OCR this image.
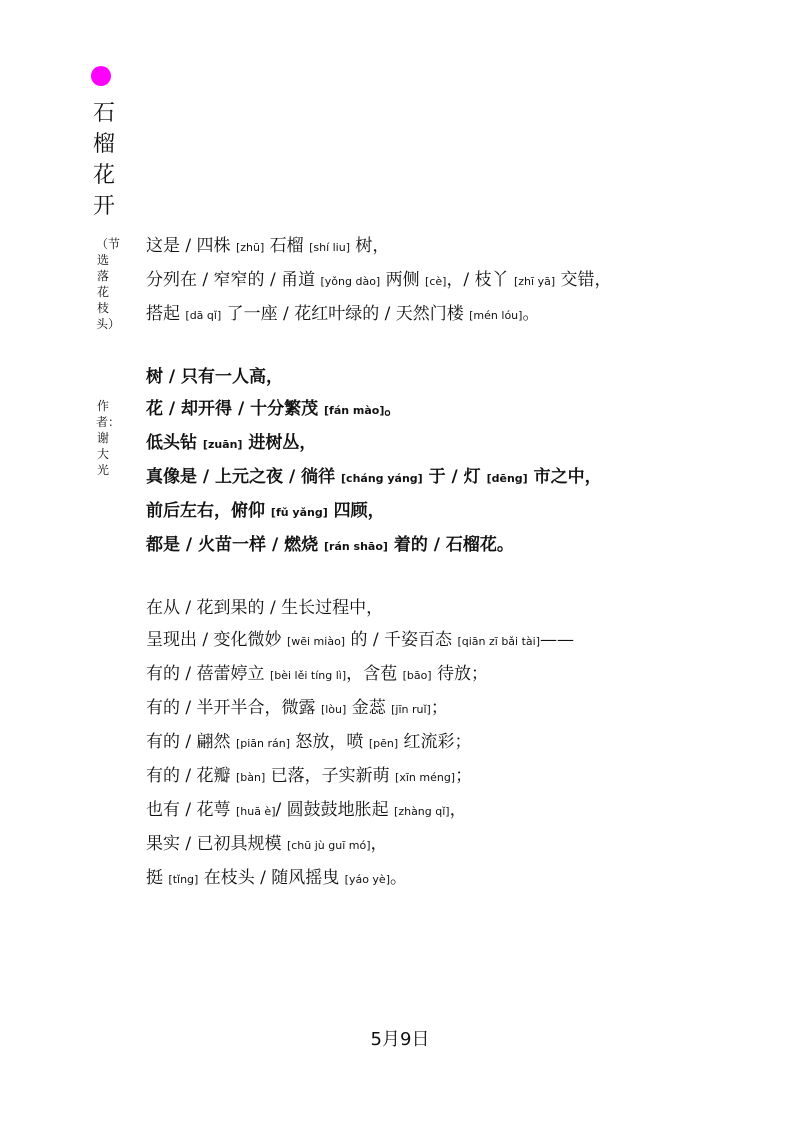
石榴花开
（节选 落花枝头）
作者：谢大光
这是 / 四株 [zhū] 石榴 [shí liu] 树，
分列在 / 窄窄的 / 甬道 [yǒng dào] 两侧 [cè]，/ 枝丫 [zhī yā] 交错，
搭起 [dā qǐ] 了一座 / 花红叶绿的 / 天然门楼 [mén lóu]。
树 / 只有一人高，
花 / 却开得 / 十分繁茂 [fán mào]。
低头钻 [zuān] 进树丛，
真像是 / 上元之夜 / 徜徉 [cháng yáng] 于 / 灯 [dēng] 市之中，
前后左右，俯仰 [fǔ yǎng] 四顾，
都是 / 火苗一样 / 燃烧 [rán shāo] 着的 / 石榴花。
在从 / 花到果的 / 生长过程中，
呈现出 / 变化微妙 [wēi miào] 的 / 千姿百态 [qiān zī bǎi tài]——
有的 / 蓓蕾婷立 [bèi lěi tíng lì]，含苞 [bāo] 待放；
有的 / 半开半合，微露 [lòu] 金蕊 [jīn ruǐ]；
有的 / 翩然 [piān rán] 怒放，喷 [pēn] 红流彩；
有的 / 花瓣 [bàn] 已落，子实新萌 [xīn méng]；
也有 / 花萼 [huā è]/ 圆鼓鼓地胀起 [zhàng qǐ]，
果实 / 已初具规模 [chū jù guī mó]，
挺 [tǐng] 在枝头 / 随风摇曳 [yáo yè]。
5月9日
